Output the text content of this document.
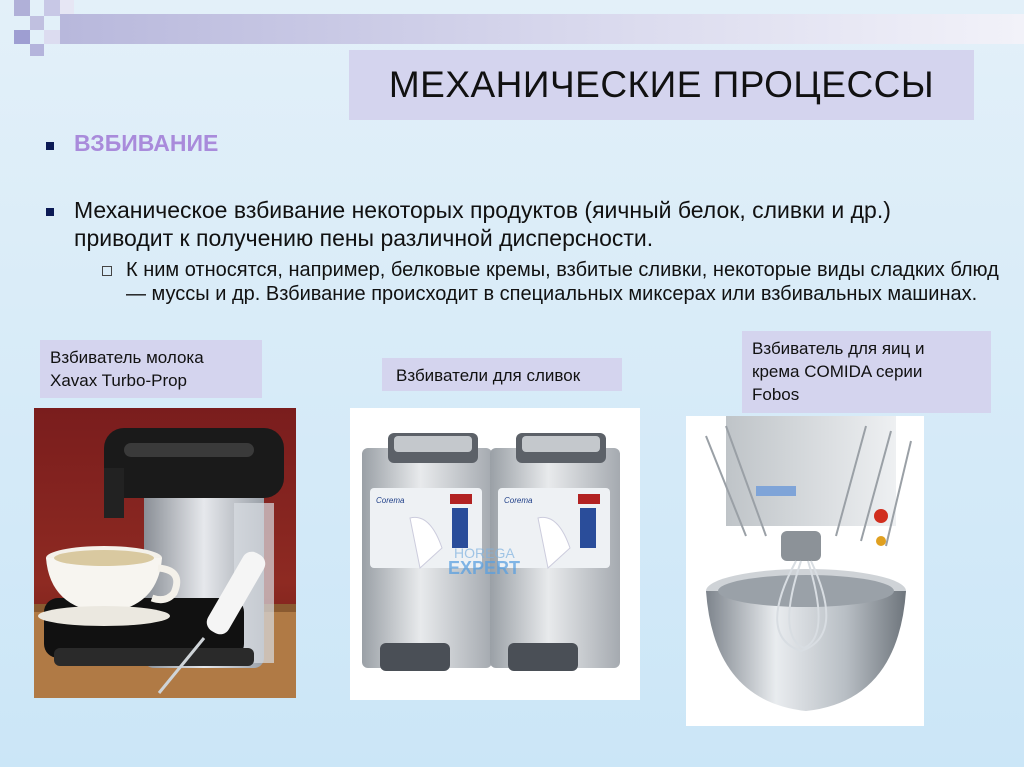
МЕХАНИЧЕСКИЕ ПРОЦЕССЫ
ВЗБИВАНИЕ
Механическое взбивание некоторых продуктов (яичный белок, сливки и др.) приводит к получению пены различной дисперсности.
К ним относятся, например, белковые кремы, взбитые сливки, некоторые виды сладких блюд — муссы и др. Взбивание происходит в специальных миксерах или взбивальных машинах.
Взбиватель молока
Xavax Turbo-Prop	Взбиватели для сливок
Взбиватель для яиц и
крема COMIDA серии
Fobos
Corema	Corema
HOREGA
EXPERT
